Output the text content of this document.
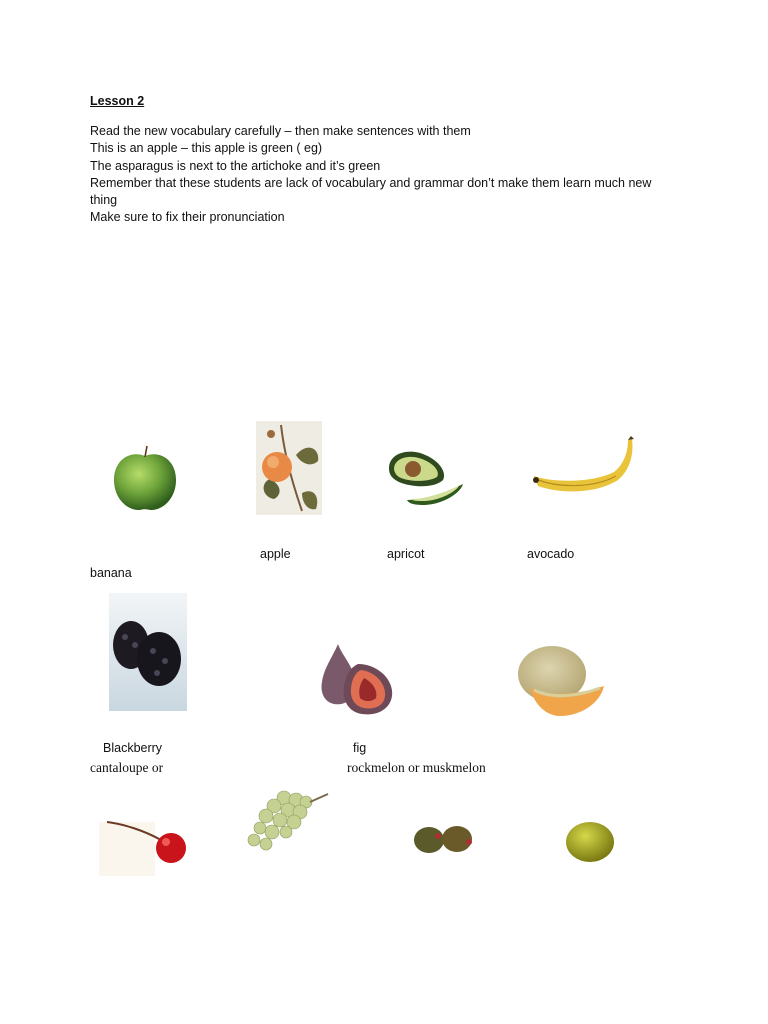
Lesson 2
Read the new vocabulary carefully – then make sentences with them
This is an apple – this apple is green ( eg)
The asparagus is next to the artichoke and it’s green
Remember that these students are lack of vocabulary and grammar don’t make them learn much new
thing
Make sure to fix their pronunciation
apple	apricot	avocado
banana
Blackberry	fig
cantaloupe or	rockmelon or muskmelon
